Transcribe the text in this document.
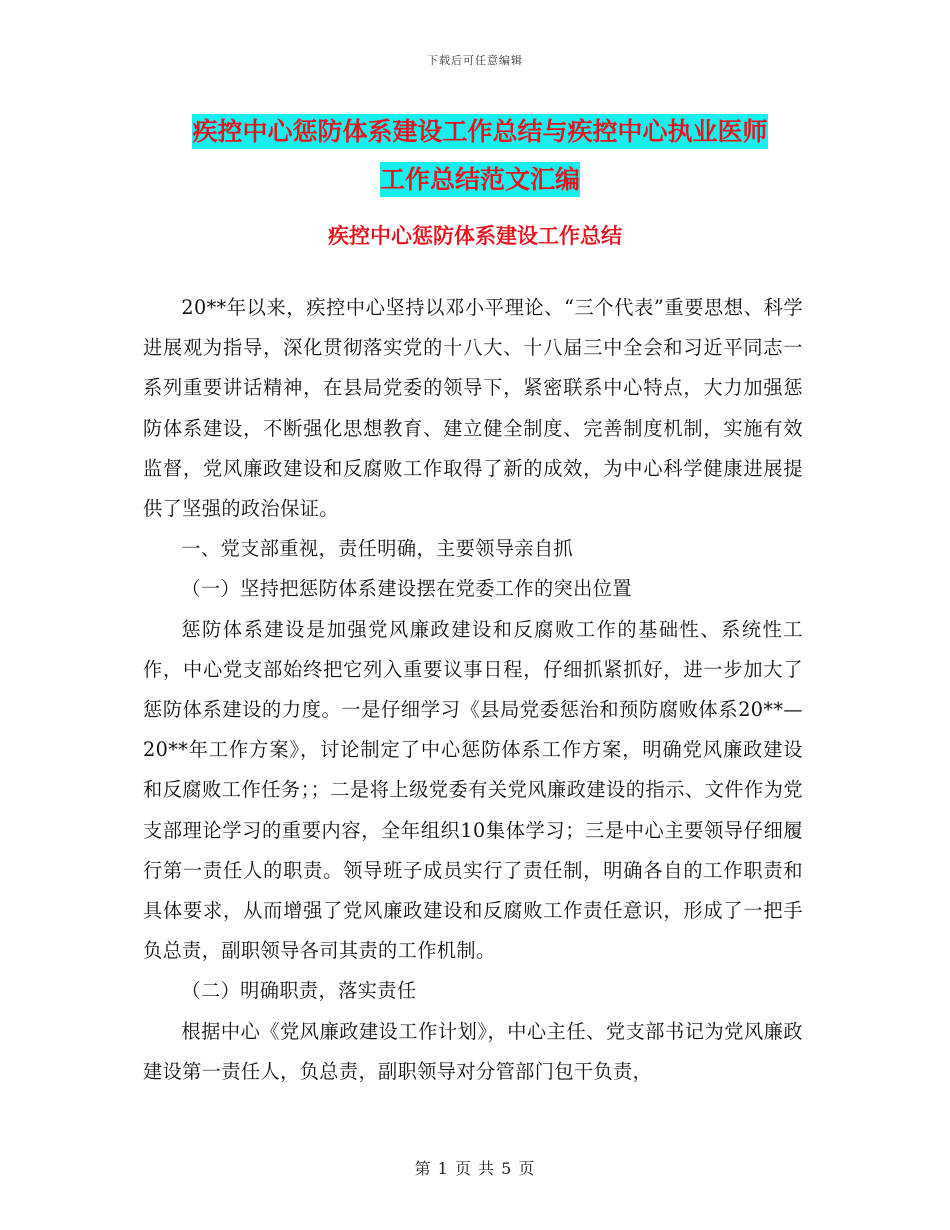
下载后可任意编辑
疾控中心惩防体系建设工作总结与疾控中心执业医师
工作总结范文汇编
疾控中心惩防体系建设工作总结

20**年以来，疾控中心坚持以邓小平理论、“三个代表”重要思想、科学进展观为指导，深化贯彻落实党的十八大、十八届三中全会和习近平同志一系列重要讲话精神，在县局党委的领导下，紧密联系中心特点，大力加强惩防体系建设，不断强化思想教育、建立健全制度、完善制度机制，实施有效监督，党风廉政建设和反腐败工作取得了新的成效，为中心科学健康进展提供了坚强的政治保证。

一、党支部重视，责任明确，主要领导亲自抓

（一）坚持把惩防体系建设摆在党委工作的突出位置

惩防体系建设是加强党风廉政建设和反腐败工作的基础性、系统性工作，中心党支部始终把它列入重要议事日程，仔细抓紧抓好，进一步加大了惩防体系建设的力度。一是仔细学习《县局党委惩治和预防腐败体系20**—20**年工作方案》，讨论制定了中心惩防体系工作方案，明确党风廉政建设和反腐败工作任务；；二是将上级党委有关党风廉政建设的指示、文件作为党支部理论学习的重要内容，全年组织10集体学习；三是中心主要领导仔细履行第一责任人的职责。领导班子成员实行了责任制，明确各自的工作职责和具体要求，从而增强了党风廉政建设和反腐败工作责任意识，形成了一把手负总责，副职领导各司其责的工作机制。

（二）明确职责，落实责任

根据中心《党风廉政建设工作计划》，中心主任、党支部书记为党风廉政建设第一责任人，负总责，副职领导对分管部门包干负责，

第 1 页 共 5 页
